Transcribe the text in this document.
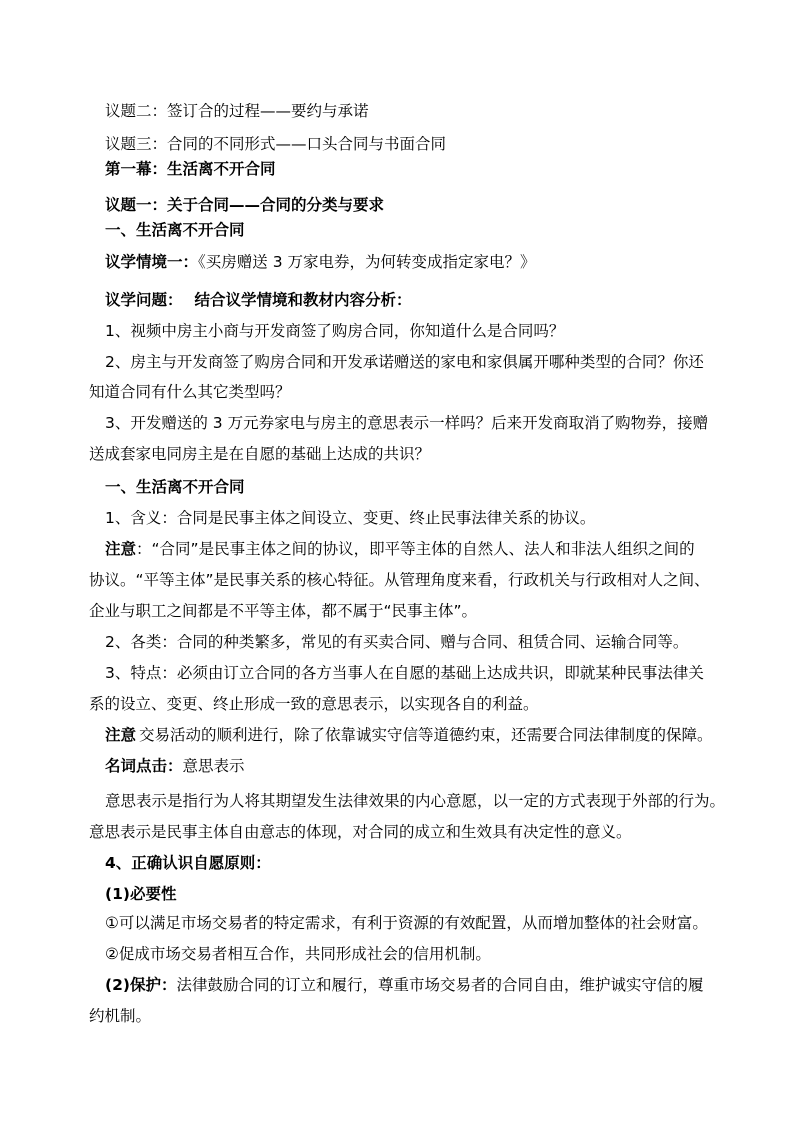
议题二：签订合的过程——要约与承诺
议题三：合同的不同形式——口头合同与书面合同
第一幕：生活离不开合同
议题一：关于合同——合同的分类与要求
一、生活离不开合同
议学情境一：《买房赠送 3 万家电券，为何转变成指定家电？》
议学问题： 结合议学情境和教材内容分析：
1、视频中房主小商与开发商签了购房合同，你知道什么是合同吗？
2、房主与开发商签了购房合同和开发承诺赠送的家电和家俱属开哪种类型的合同？你还
知道合同有什么其它类型吗？
3、开发赠送的 3 万元券家电与房主的意思表示一样吗？后来开发商取消了购物券，接赠
送成套家电同房主是在自愿的基础上达成的共识？
一、生活离不开合同
1、含义：合同是民事主体之间设立、变更、终止民事法律关系的协议。
注意：“合同”是民事主体之间的协议，即平等主体的自然人、法人和非法人组织之间的
协议。“平等主体”是民事关系的核心特征。从管理角度来看，行政机关与行政相对人之间、
企业与职工之间都是不平等主体，都不属于“民事主体”。
2、各类：合同的种类繁多，常见的有买卖合同、赠与合同、租赁合同、运输合同等。
3、特点：必须由订立合同的各方当事人在自愿的基础上达成共识，即就某种民事法律关
系的设立、变更、终止形成一致的意思表示，以实现各自的利益。
注意 交易活动的顺利进行，除了依靠诚实守信等道德约束，还需要合同法律制度的保障。
名词点击：意思表示
意思表示是指行为人将其期望发生法律效果的内心意愿，以一定的方式表现于外部的行为。
意思表示是民事主体自由意志的体现，对合同的成立和生效具有决定性的意义。
4、正确认识自愿原则：
(1)必要性
①可以满足市场交易者的特定需求，有利于资源的有效配置，从而增加整体的社会财富。
②促成市场交易者相互合作，共同形成社会的信用机制。
(2)保护：法律鼓励合同的订立和履行，尊重市场交易者的合同自由，维护诚实守信的履
约机制。
